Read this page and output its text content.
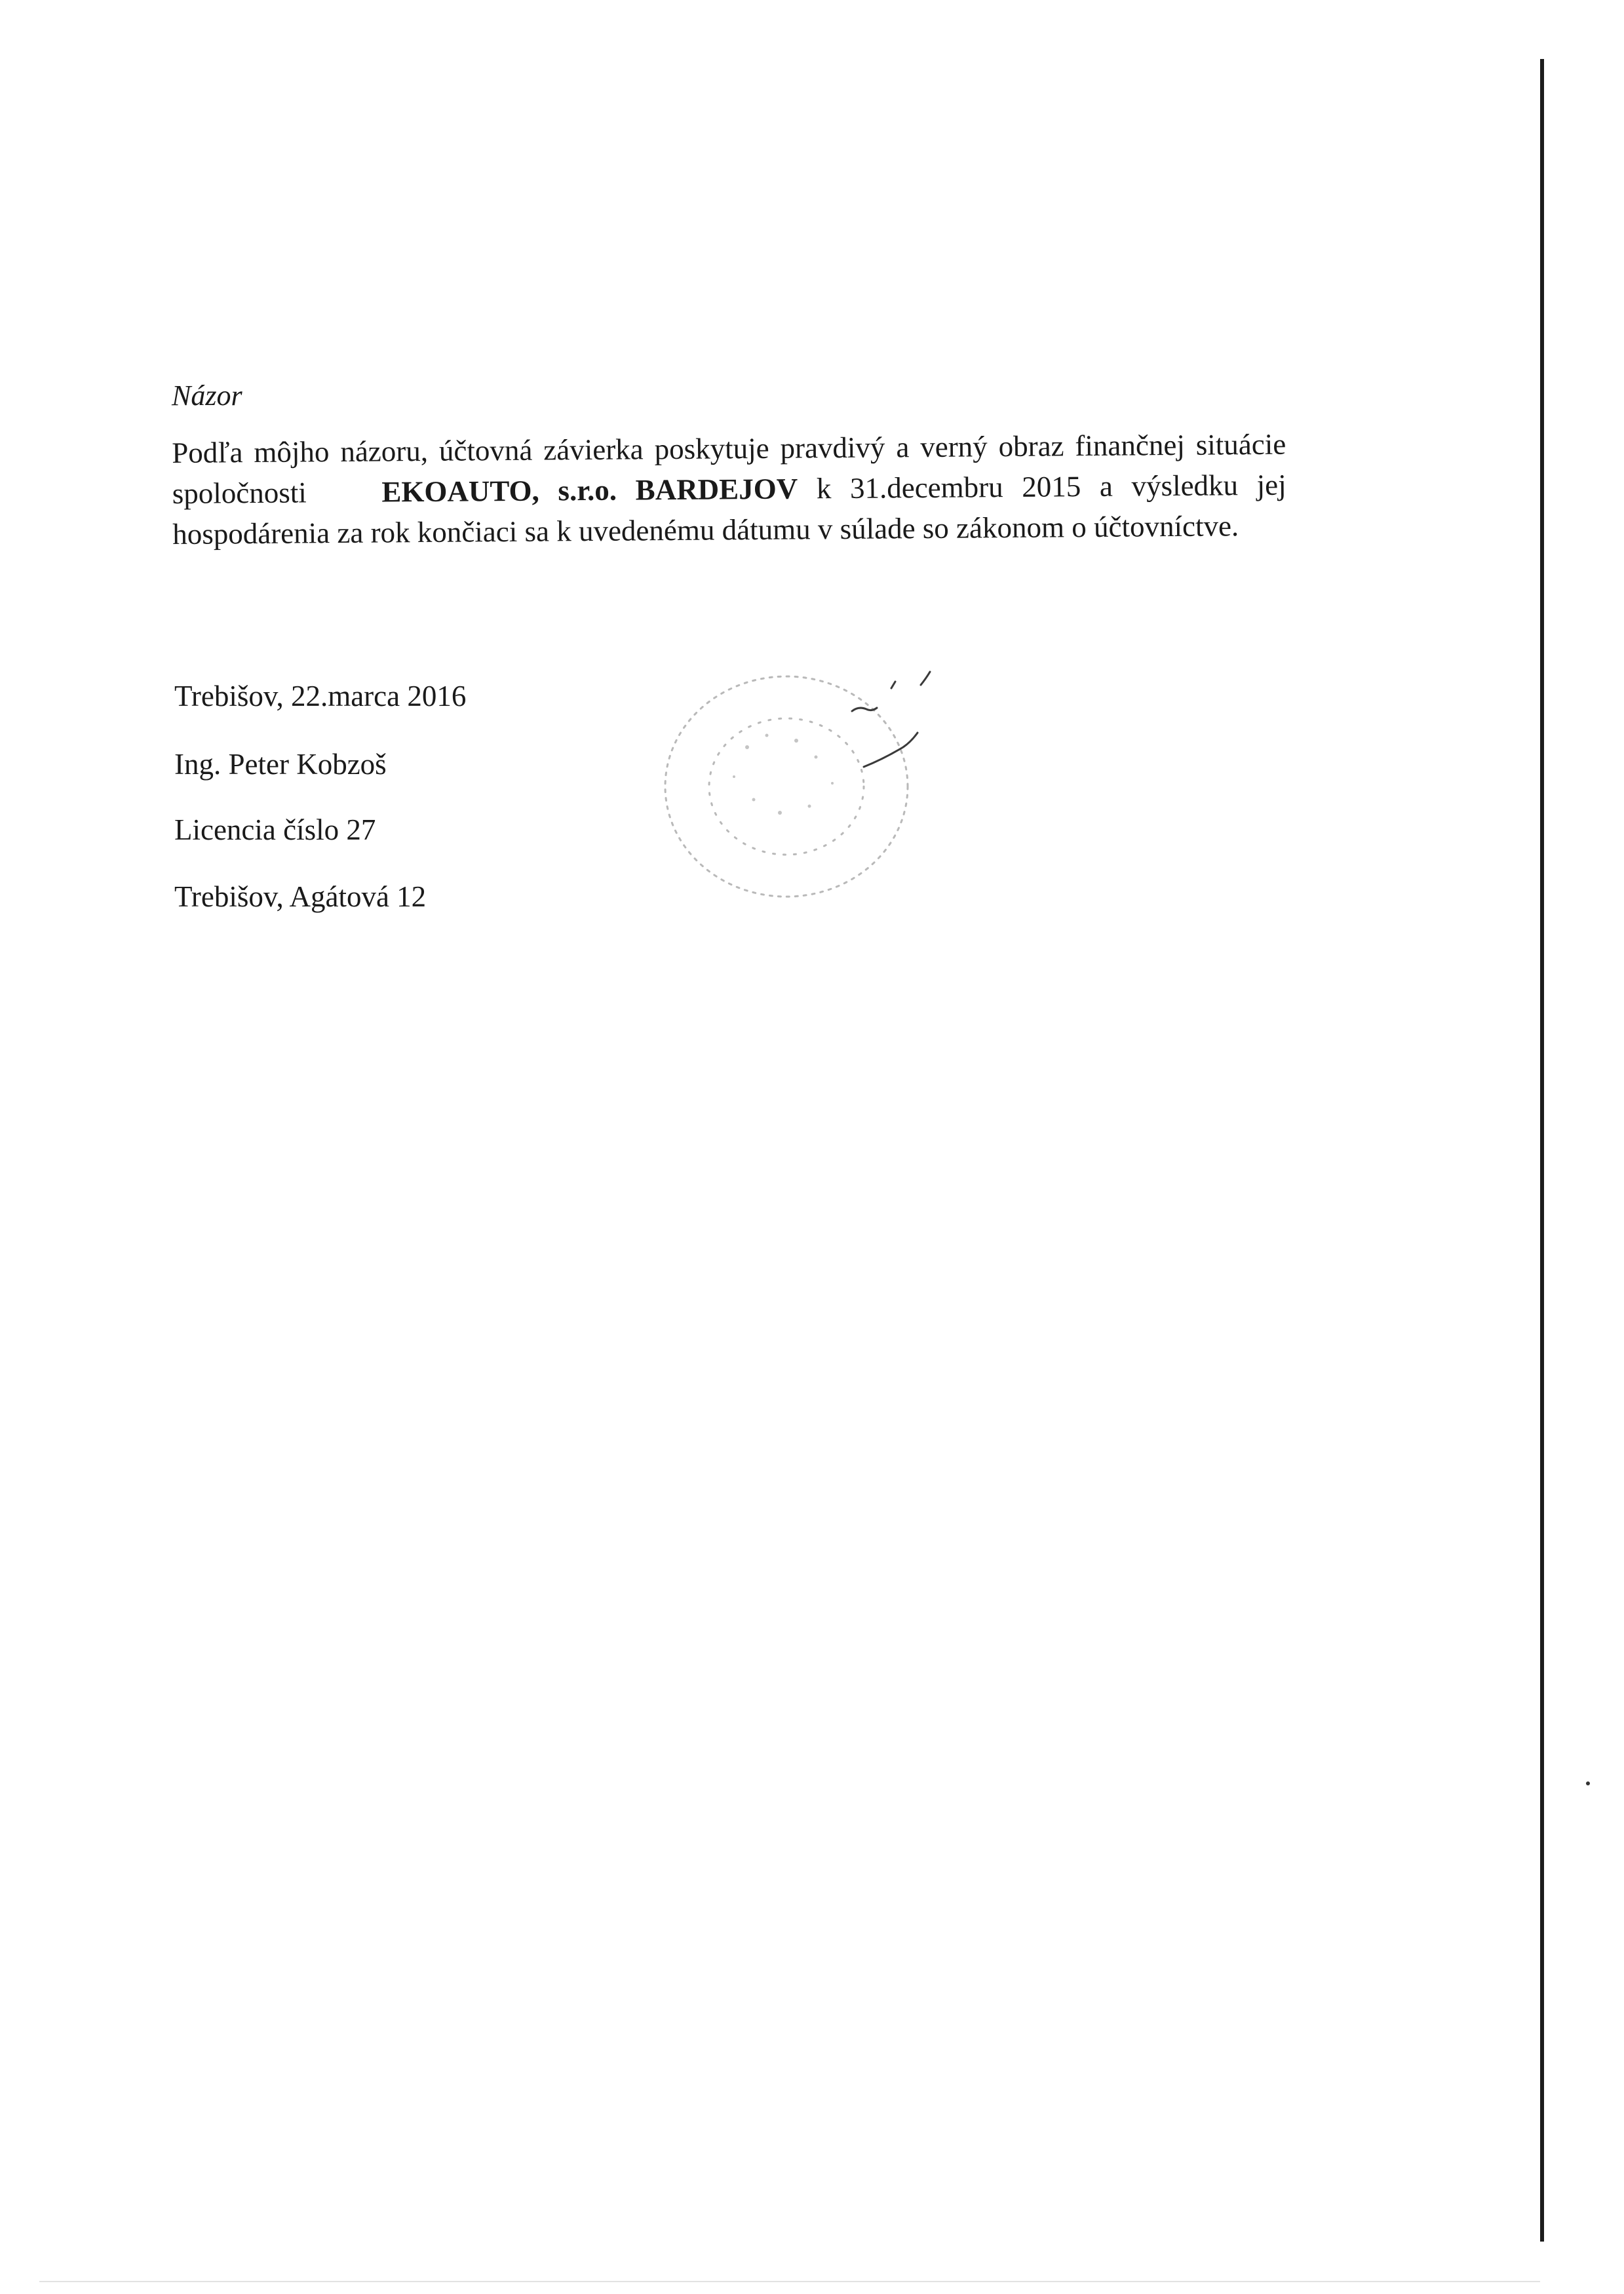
Názor

Podľa môjho názoru, účtovná závierka poskytuje pravdivý a verný obraz finančnej situácie spoločnosti	EKOAUTO, s.r.o. BARDEJOV k 31.decembru 2015 a výsledku jej hospodárenia za rok končiaci sa k uvedenému dátumu v súlade so zákonom o účtovníctve.

Trebišov, 22.marca 2016

Ing. Peter Kobzoš

Licencia číslo 27

Trebišov, Agátová 12
